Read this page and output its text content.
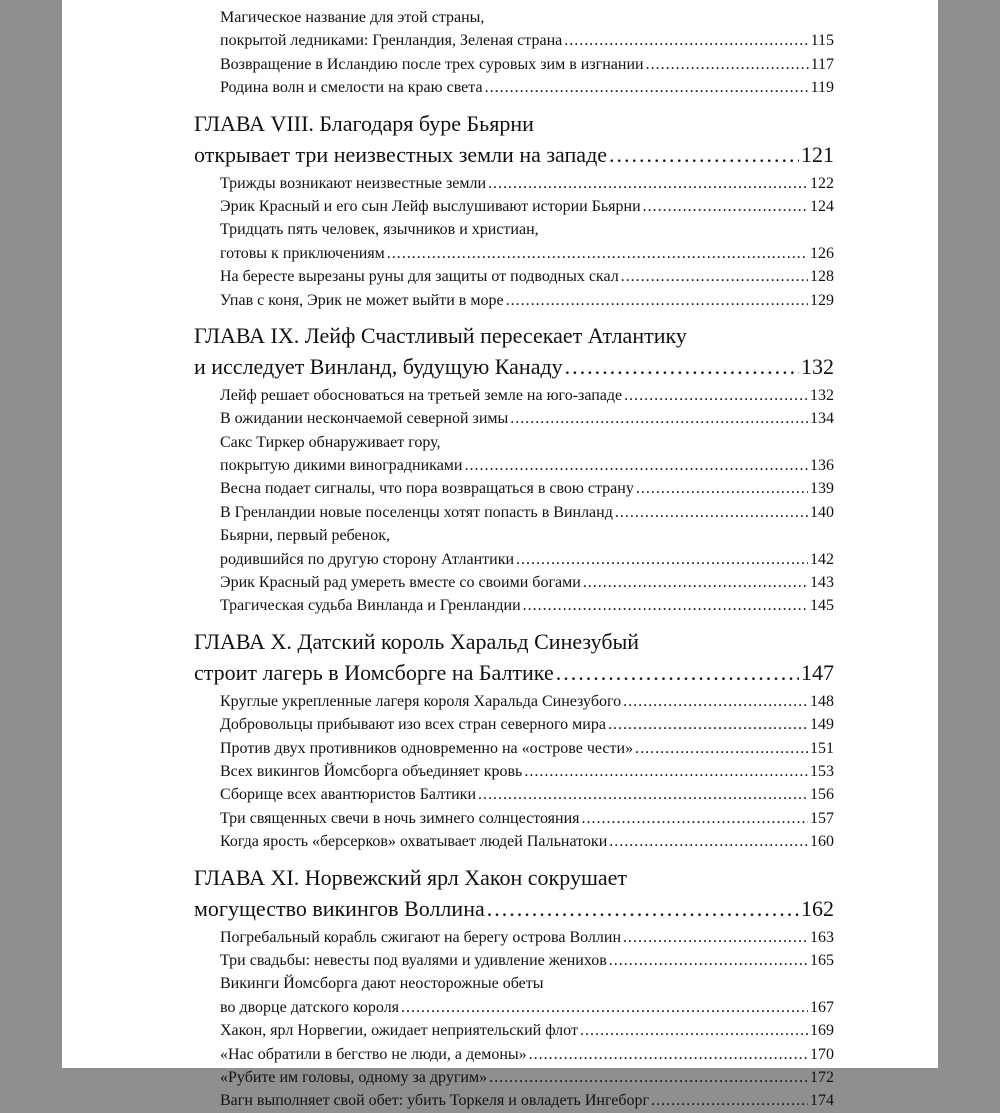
Магическое название для этой страны,
покрытой ледниками: Гренландия, Зеленая страна .....	115
Возвращение в Исландию после трех суровых зим в изгнании .....	117
Родина волн и смелости на краю света .....	119
ГЛАВА VIII. Благодаря буре Бьярни
открывает три неизвестных земли на западе .....	121
Трижды возникают неизвестные земли .....	122
Эрик Красный и его сын Лейф выслушивают истории Бьярни .....	124
Тридцать пять человек, язычников и христиан,
готовы к приключениям .....	126
На бересте вырезаны руны для защиты от подводных скал .....	128
Упав с коня, Эрик не может выйти в море .....	129
ГЛАВА IX. Лейф Счастливый пересекает Атлантику
и исследует Винланд, будущую Канаду .....	132
Лейф решает обосноваться на третьей земле на юго-западе .....	132
В ожидании нескончаемой северной зимы .....	134
Сакс Тиркер обнаруживает гору,
покрытую дикими виноградниками .....	136
Весна подает сигналы, что пора возвращаться в свою страну .....	139
В Гренландии новые поселенцы хотят попасть в Винланд .....	140
Бьярни, первый ребенок,
родившийся по другую сторону Атлантики .....	142
Эрик Красный рад умереть вместе со своими богами .....	143
Трагическая судьба Винланда и Гренландии .....	145
ГЛАВА X. Датский король Харальд Синезубый
строит лагерь в Иомсборге на Балтике .....	147
Круглые укрепленные лагеря короля Харальда Синезубого .....	148
Добровольцы прибывают изо всех стран северного мира .....	149
Против двух противников одновременно на «острове чести» .....	151
Всех викингов Йомсборга объединяет кровь .....	153
Сборище всех авантюристов Балтики .....	156
Три священных свечи в ночь зимнего солнцестояния .....	157
Когда ярость «берсерков» охватывает людей Пальнатоки .....	160
ГЛАВА XI. Норвежский ярл Хакон сокрушает
могущество викингов Воллина .....	162
Погребальный корабль сжигают на берегу острова Воллин .....	163
Три свадьбы: невесты под вуалями и удивление женихов .....	165
Викинги Йомсборга дают неосторожные обеты
во дворце датского короля .....	167
Хакон, ярл Норвегии, ожидает неприятельский флот .....	169
«Нас обратили в бегство не люди, а демоны» .....	170
«Рубите им головы, одному за другим» .....	172
Вагн выполняет свой обет: убить Торкеля и овладеть Ингеборг .....	174
